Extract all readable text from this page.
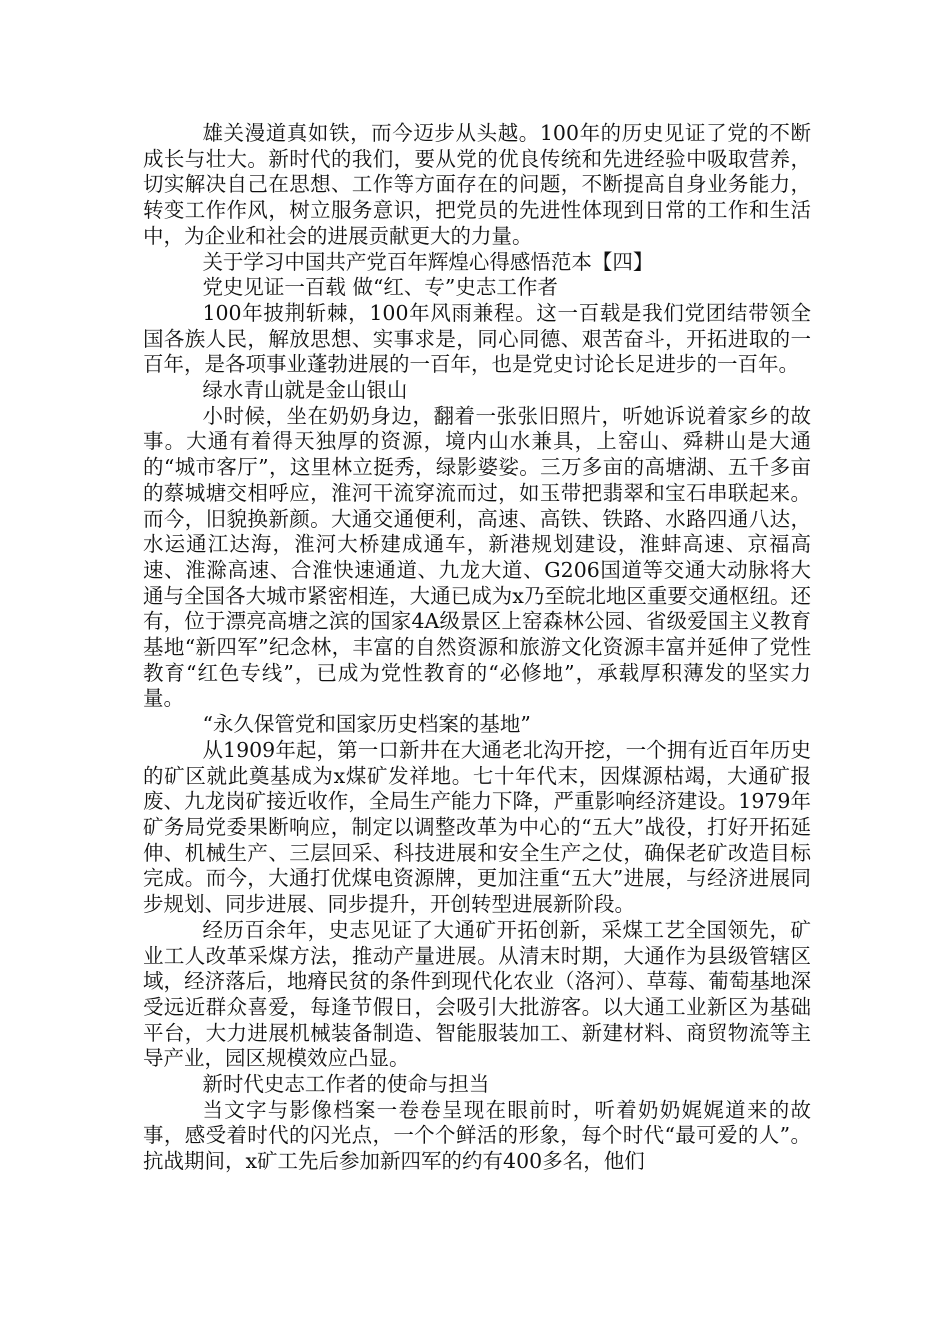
雄关漫道真如铁，而今迈步从头越。100年的历史见证了党的不断成长与壮大。新时代的我们，要从党的优良传统和先进经验中吸取营养，切实解决自己在思想、工作等方面存在的问题，不断提高自身业务能力，转变工作作风，树立服务意识，把党员的先进性体现到日常的工作和生活中，为企业和社会的进展贡献更大的力量。

关于学习中国共产党百年辉煌心得感悟范本【四】

党史见证一百载 做“红、专”史志工作者

100年披荆斩棘，100年风雨兼程。这一百载是我们党团结带领全国各族人民，解放思想、实事求是，同心同德、艰苦奋斗，开拓进取的一百年，是各项事业蓬勃进展的一百年，也是党史讨论长足进步的一百年。

绿水青山就是金山银山

小时候，坐在奶奶身边，翻着一张张旧照片，听她诉说着家乡的故事。大通有着得天独厚的资源，境内山水兼具，上窑山、舜耕山是大通的“城市客厅”，这里林立挺秀，绿影婆娑。三万多亩的高塘湖、五千多亩的蔡城塘交相呼应，淮河干流穿流而过，如玉带把翡翠和宝石串联起来。而今，旧貌换新颜。大通交通便利，高速、高铁、铁路、水路四通八达，水运通江达海，淮河大桥建成通车，新港规划建设，淮蚌高速、京福高速、淮滁高速、合淮快速通道、九龙大道、G206国道等交通大动脉将大通与全国各大城市紧密相连，大通已成为x乃至皖北地区重要交通枢纽。还有，位于漂亮高塘之滨的国家4A级景区上窑森林公园、省级爱国主义教育基地“新四军”纪念林，丰富的自然资源和旅游文化资源丰富并延伸了党性教育“红色专线”，已成为党性教育的“必修地”，承载厚积薄发的坚实力量。

“永久保管党和国家历史档案的基地”

从1909年起，第一口新井在大通老北沟开挖，一个拥有近百年历史的矿区就此奠基成为x煤矿发祥地。七十年代末，因煤源枯竭，大通矿报废、九龙岗矿接近收作，全局生产能力下降，严重影响经济建设。1979年矿务局党委果断响应，制定以调整改革为中心的“五大”战役，打好开拓延伸、机械生产、三层回采、科技进展和安全生产之仗，确保老矿改造目标完成。而今，大通打优煤电资源牌，更加注重“五大”进展，与经济进展同步规划、同步进展、同步提升，开创转型进展新阶段。

经历百余年，史志见证了大通矿开拓创新，采煤工艺全国领先，矿业工人改革采煤方法，推动产量进展。从清末时期，大通作为县级管辖区域，经济落后，地瘠民贫的条件到现代化农业（洛河）、草莓、葡萄基地深受远近群众喜爱，每逢节假日，会吸引大批游客。以大通工业新区为基础平台，大力进展机械装备制造、智能服装加工、新建材料、商贸物流等主导产业，园区规模效应凸显。

新时代史志工作者的使命与担当

当文字与影像档案一卷卷呈现在眼前时，听着奶奶娓娓道来的故事，感受着时代的闪光点，一个个鲜活的形象，每个时代“最可爱的人”。抗战期间，x矿工先后参加新四军的约有400多名，他们
